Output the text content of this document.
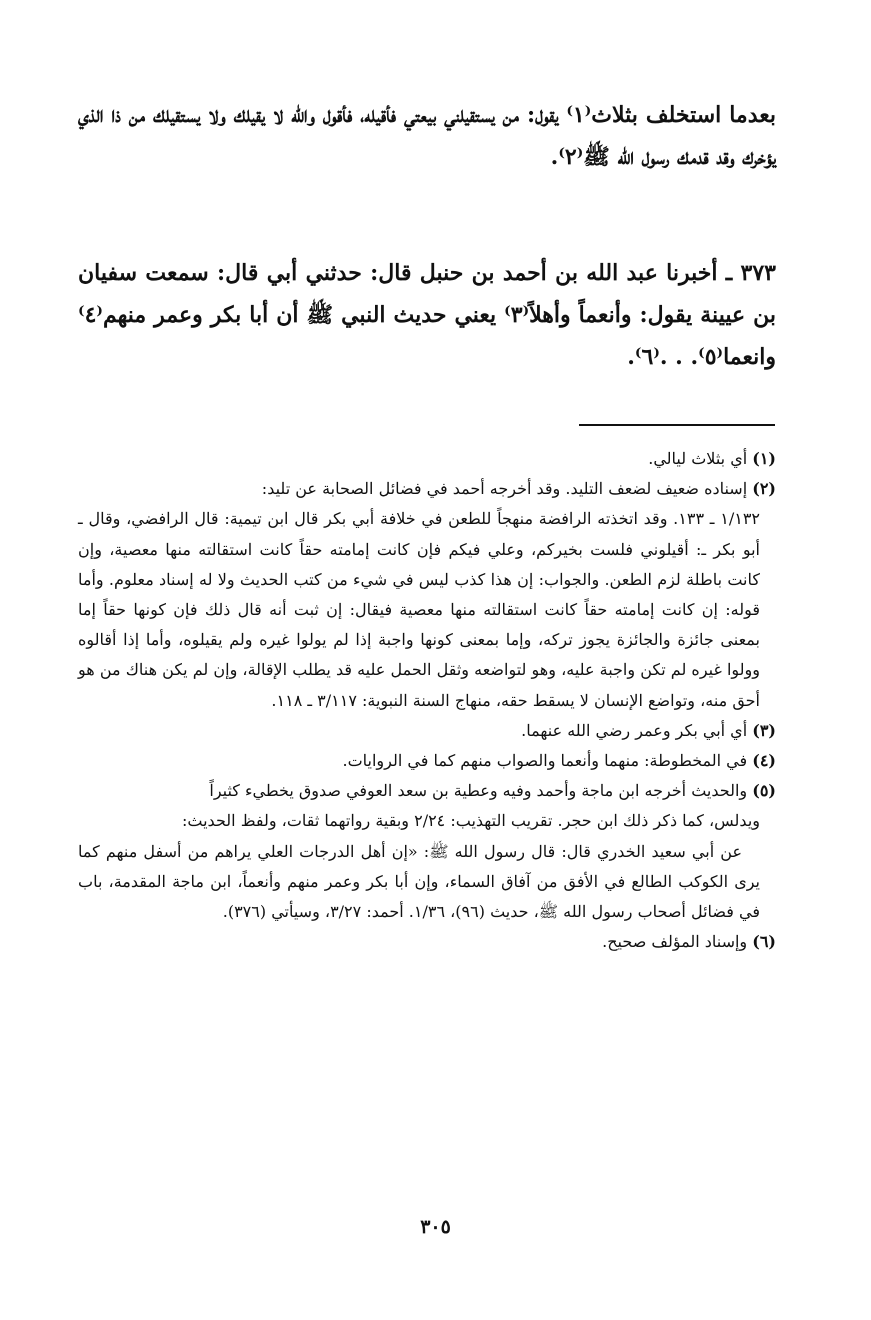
بعدما استخلف بثلاث⁽١⁾ يقول: من يستقيلني بيعتي فأقيله، فأقول والله لا يقيلك ولا يستقيلك من ذا الذي يؤخرك وقد قدمك رسول الله ﷺ⁽٢⁾.

٣٧٣ ـ أخبرنا عبد الله بن أحمد بن حنبل قال: حدثني أبي قال: سمعت سفيان بن عيينة يقول: وأنعماً وأهلاً⁽٣⁾ يعني حديث النبي ﷺ أن أبا بكر وعمر منهم⁽٤⁾ وانعما⁽٥⁾. . .⁽٦⁾.

(١) أي بثلاث ليالي.

(٢) إسناده ضعيف لضعف التليد. وقد أخرجه أحمد في فضائل الصحابة عن تليد:

١/١٣٢ ـ ١٣٣. وقد اتخذته الرافضة منهجاً للطعن في خلافة أبي بكر قال ابن تيمية: قال الرافضي، وقال ـ أبو بكر ـ: أقيلوني فلست بخيركم، وعلي فيكم فإن كانت إمامته حقاً كانت استقالته منها معصية، وإن كانت باطلة لزم الطعن. والجواب: إن هذا كذب ليس في شيء من كتب الحديث ولا له إسناد معلوم. وأما قوله: إن كانت إمامته حقاً كانت استقالته منها معصية فيقال: إن ثبت أنه قال ذلك فإن كونها حقاً إما بمعنى جائزة والجائزة يجوز تركه، وإما بمعنى كونها واجبة إذا لم يولوا غيره ولم يقيلوه، وأما إذا أقالوه وولوا غيره لم تكن واجبة عليه، وهو لتواضعه وثقل الحمل عليه قد يطلب الإقالة، وإن لم يكن هناك من هو أحق منه، وتواضع الإنسان لا يسقط حقه، منهاج السنة النبوية: ٣/١١٧ ـ ١١٨.

(٣) أي أبي بكر وعمر رضي الله عنهما.

(٤) في المخطوطة: منهما وأنعما والصواب منهم كما في الروايات.

(٥) والحديث أخرجه ابن ماجة وأحمد وفيه وعطية بن سعد العوفي صدوق يخطيء كثيراً

ويدلس، كما ذكر ذلك ابن حجر. تقريب التهذيب: ٢/٢٤ وبقية رواتهما ثقات، ولفظ الحديث:

عن أبي سعيد الخدري قال: قال رسول الله ﷺ: «إن أهل الدرجات العلي يراهم من أسفل منهم كما يرى الكوكب الطالع في الأفق من آفاق السماء، وإن أبا بكر وعمر منهم وأنعماً، ابن ماجة المقدمة، باب في فضائل أصحاب رسول الله ﷺ، حديث (٩٦)، ١/٣٦. أحمد: ٣/٢٧، وسيأتي (٣٧٦).

(٦) وإسناد المؤلف صحيح.

٣٠٥
